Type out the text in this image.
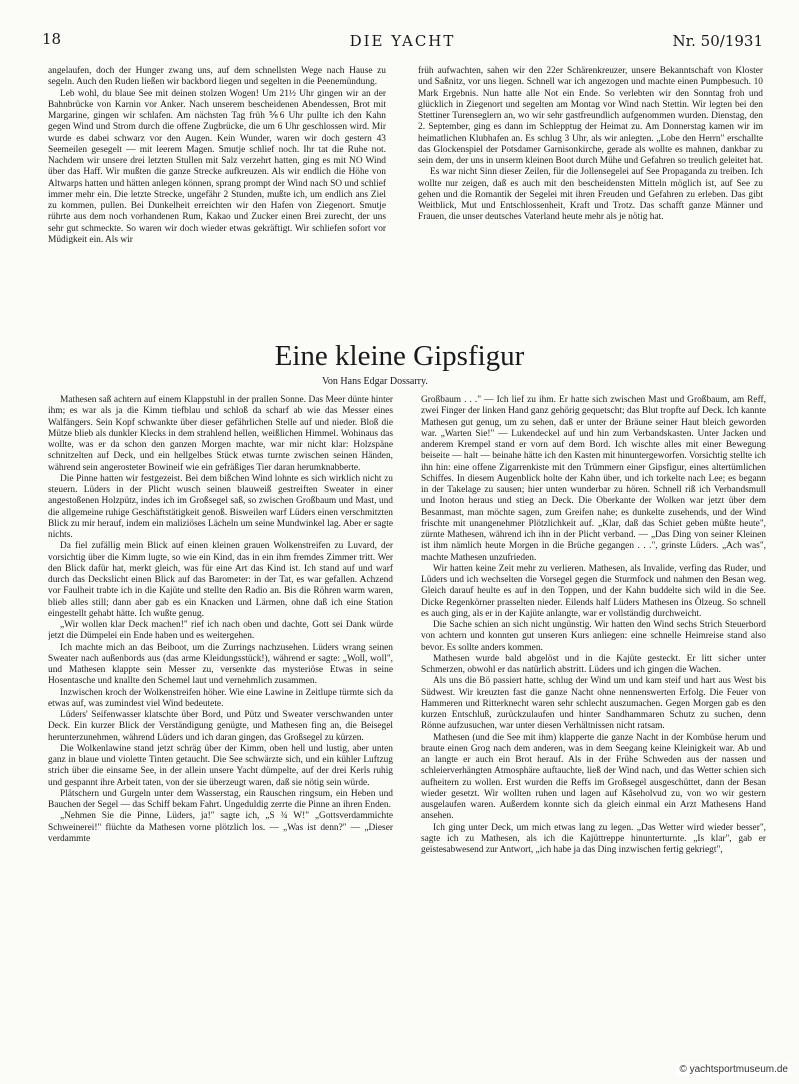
18	DIE YACHT	Nr. 50/1931

angelaufen, doch der Hunger zwang uns, auf dem schnellsten Wege nach Hause zu segeln. Auch den Ruden ließen wir backbord liegen und segelten in die Peenemündung.

Leb wohl, du blaue See mit deinen stolzen Wogen! Um 21½ Uhr gingen wir an der Bahnbrücke von Karnin vor Anker. Nach unserem bescheidenen Abendessen, Brot mit Margarine, gingen wir schlafen. Am nächsten Tag früh ⅚6 Uhr pullte ich den Kahn gegen Wind und Strom durch die offene Zugbrücke, die um 6 Uhr geschlossen wird. Mir wurde es dabei schwarz vor den Augen. Kein Wunder, waren wir doch gestern 43 Seemeilen gesegelt — mit leerem Magen. Smutje schlief noch. Ihr tat die Ruhe not. Nachdem wir unsere drei letzten Stullen mit Salz verzehrt hatten, ging es mit NO Wind über das Haff. Wir mußten die ganze Strecke aufkreuzen. Als wir endlich die Höhe von Altwarps hatten und hätten anlegen können, sprang prompt der Wind nach SO und schlief immer mehr ein. Die letzte Strecke, ungefähr 2 Stunden, mußte ich, um endlich ans Ziel zu kommen, pullen. Bei Dunkelheit erreichten wir den Hafen von Ziegenort. Smutje rührte aus dem noch vorhandenen Rum, Kakao und Zucker einen Brei zurecht, der uns sehr gut schmeckte. So waren wir doch wieder etwas gekräftigt. Wir schliefen sofort vor Müdigkeit ein. Als wir

früh aufwachten, sahen wir den 22er Schärenkreuzer, unsere Bekanntschaft von Kloster und Saßnitz, vor uns liegen. Schnell war ich angezogen und machte einen Pumpbesuch. 10 Mark Ergebnis. Nun hatte alle Not ein Ende. So verlebten wir den Sonntag froh und glücklich in Ziegenort und segelten am Montag vor Wind nach Stettin. Wir legten bei den Stettiner Turenseglern an, wo wir sehr gastfreundlich aufgenommen wurden. Dienstag, den 2. September, ging es dann im Schlepptug der Heimat zu. Am Donnerstag kamen wir im heimatlichen Klubhafen an. Es schlug 3 Uhr, als wir anlegten. „Lobe den Herrn" erschallte das Glockenspiel der Potsdamer Garnisonkirche, gerade als wollte es mahnen, dankbar zu sein dem, der uns in unserm kleinen Boot durch Mühe und Gefahren so treulich geleitet hat.

Es war nicht Sinn dieser Zeilen, für die Jollensegelei auf See Propaganda zu treiben. Ich wollte nur zeigen, daß es auch mit den bescheidensten Mitteln möglich ist, auf See zu gehen und die Romantik der Segelei mit ihren Freuden und Gefahren zu erleben. Das gibt Weitblick, Mut und Entschlossenheit, Kraft und Trotz. Das schafft ganze Männer und Frauen, die unser deutsches Vaterland heute mehr als je nötig hat.

Eine kleine Gipsfigur
Von Hans Edgar Dossarry.

Mathesen saß achtern auf einem Klappstuhl in der prallen Sonne. Das Meer dünte hinter ihm; es war als ja die Kimm tiefblau und schloß da scharf ab wie das Messer eines Walfängers. Sein Kopf schwankte über dieser gefährlichen Stelle auf und nieder. Bloß die Mütze blieb als dunkler Klecks in dem strahlend hellen, weißlichen Himmel. Wohinaus das wollte, was er da schon den ganzen Morgen machte, war mir nicht klar: Holzspäne schnitzelten auf Deck, und ein hellgelbes Stück etwas turnte zwischen seinen Händen, während sein angerosteter Bowineif wie ein gefräßiges Tier daran herumknabberte.

Die Pinne hatten wir festgezeist. Bei dem bißchen Wind lohnte es sich wirklich nicht zu steuern. Lüders in der Plicht wusch seinen blauweiß gestreiften Sweater in einer angestoßenen Holzpütz, indes ich im Großsegel saß, so zwischen Großbaum und Mast, und die allgemeine ruhige Geschäftstätigkeit genoß. Bisweilen warf Lüders einen verschmitzten Blick zu mir herauf, indem ein maliziöses Lächeln um seine Mundwinkel lag. Aber er sagte nichts.

Da fiel zufällig mein Blick auf einen kleinen grauen Wolkenstreifen zu Luvard, der vorsichtig über die Kimm lugte, so wie ein Kind, das in ein ihm fremdes Zimmer tritt. Wer den Blick dafür hat, merkt gleich, was für eine Art das Kind ist. Ich stand auf und warf durch das Deckslicht einen Blick auf das Barometer: in der Tat, es war gefallen. Achzend vor Faulheit trabte ich in die Kajüte und stellte den Radio an. Bis die Röhren warm waren, blieb alles still; dann aber gab es ein Knacken und Lärmen, ohne daß ich eine Station eingestellt gehabt hätte. Ich wußte genug.

„Wir wollen klar Deck machen!" rief ich nach oben und dachte, Gott sei Dank würde jetzt die Dümpelei ein Ende haben und es weitergehen.

Ich machte mich an das Beiboot, um die Zurrings nachzusehen. Lüders wrang seinen Sweater nach außenbords aus (das arme Kleidungsstück!), während er sagte: „Woll, woll", und Mathesen klappte sein Messer zu, versenkte das mysteriöse Etwas in seine Hosentasche und knallte den Schemel laut und vernehmlich zusammen.

Inzwischen kroch der Wolkenstreifen höher. Wie eine Lawine in Zeitlupe türmte sich da etwas auf, was zumindest viel Wind bedeutete.

Lüders' Seifenwasser klatschte über Bord, und Pütz und Sweater verschwanden unter Deck. Ein kurzer Blick der Verständigung genügte, und Mathesen fing an, die Beisegel herunterzunehmen, während Lüders und ich daran gingen, das Großsegel zu kürzen.

Die Wolkenlawine stand jetzt schräg über der Kimm, oben hell und lustig, aber unten ganz in blaue und violette Tinten getaucht. Die See schwärzte sich, und ein kühler Luftzug strich über die einsame See, in der allein unsere Yacht dümpelte, auf der drei Kerls ruhig und gespannt ihre Arbeit taten, von der sie überzeugt waren, daß sie nötig sein würde.

Plätschern und Gurgeln unter dem Wasserstag, ein Rauschen ringsum, ein Heben und Bauchen der Segel — das Schiff bekam Fahrt. Ungeduldig zerrte die Pinne an ihren Enden.

„Nehmen Sie die Pinne, Lüders, ja!" sagte ich, „S ¾ W!" „Gottsverdammichte Schweinerei!" flüchte da Mathesen vorne plötzlich los. — „Was ist denn?" — „Dieser verdammte

Großbaum . . ." — Ich lief zu ihm. Er hatte sich zwischen Mast und Großbaum, am Reff, zwei Finger der linken Hand ganz gehörig gequetscht; das Blut tropfte auf Deck. Ich kannte Mathesen gut genug, um zu sehen, daß er unter der Bräune seiner Haut bleich geworden war. „Warten Sie!" — Lukendeckel auf und hin zum Verbandskasten. Unter Jacken und anderem Krempel stand er vorn auf dem Bord. Ich wischte alles mit einer Bewegung beiseite — halt — beinahe hätte ich den Kasten mit hinuntergeworfen. Vorsichtig stellte ich ihn hin: eine offene Zigarrenkiste mit den Trümmern einer Gipsfigur, eines altertümlichen Schiffes. In diesem Augenblick holte der Kahn über, und ich torkelte nach Lee; es begann in der Takelage zu sausen; hier unten wunderbar zu hören. Schnell riß ich Verbandsmull und Inoton heraus und stieg an Deck. Die Oberkante der Wolken war jetzt über dem Besanmast, man möchte sagen, zum Greifen nahe; es dunkelte zusehends, und der Wind frischte mit unangenehmer Plötzlichkeit auf. „Klar, daß das Schiet geben müßte heute", zürnte Mathesen, während ich ihn in der Plicht verband. — „Das Ding von seiner Kleinen ist ihm nämlich heute Morgen in die Brüche gegangen . . .", grinste Lüders. „Ach was", machte Mathesen unzufrieden.

Wir hatten keine Zeit mehr zu verlieren. Mathesen, als Invalide, verfing das Ruder, und Lüders und ich wechselten die Vorsegel gegen die Sturmfock und nahmen den Besan weg. Gleich darauf heulte es auf in den Toppen, und der Kahn buddelte sich wild in die See. Dicke Regenkörner prasselten nieder. Eilends half Lüders Mathesen ins Ölzeug. So schnell es auch ging, als er in der Kajüte anlangte, war er vollständig durchweicht.

Die Sache schien an sich nicht ungünstig. Wir hatten den Wind sechs Strich Steuerbord von achtern und konnten gut unseren Kurs anliegen: eine schnelle Heimreise stand also bevor. Es sollte anders kommen.

Mathesen wurde bald abgelöst und in die Kajüte gesteckt. Er litt sicher unter Schmerzen, obwohl er das natürlich abstritt. Lüders und ich gingen die Wachen.

Als uns die Bö passiert hatte, schlug der Wind um und kam steif und hart aus West bis Südwest. Wir kreuzten fast die ganze Nacht ohne nennenswerten Erfolg. Die Feuer von Hammeren und Ritterknecht waren sehr schlecht auszumachen. Gegen Morgen gab es den kurzen Entschluß, zurückzulaufen und hinter Sandhammaren Schutz zu suchen, denn Rönne aufzusuchen, war unter diesen Verhältnissen nicht ratsam.

Mathesen (und die See mit ihm) klapperte die ganze Nacht in der Kombüse herum und braute einen Grog nach dem anderen, was in dem Seegang keine Kleinigkeit war. Ab und an langte er auch ein Brot herauf. Als in der Frühe Schweden aus der nassen und schleierverhängten Atmosphäre auftauchte, ließ der Wind nach, und das Wetter schien sich aufheitern zu wollen. Erst wurden die Reffs im Großsegel ausgeschüttet, dann der Besan wieder gesetzt. Wir wollten ruhen und lagen auf Kåseholvud zu, von wo wir gestern ausgelaufen waren. Außerdem konnte sich da gleich einmal ein Arzt Mathesens Hand ansehen.

Ich ging unter Deck, um mich etwas lang zu legen. „Das Wetter wird wieder besser", sagte ich zu Mathesen, als ich die Kajüttreppe hinunterturnte. „Is klar", gab er geistesabwesend zur Antwort, „ich habe ja das Ding inzwischen fertig gekriegt",

© yachtsportmuseum.de
